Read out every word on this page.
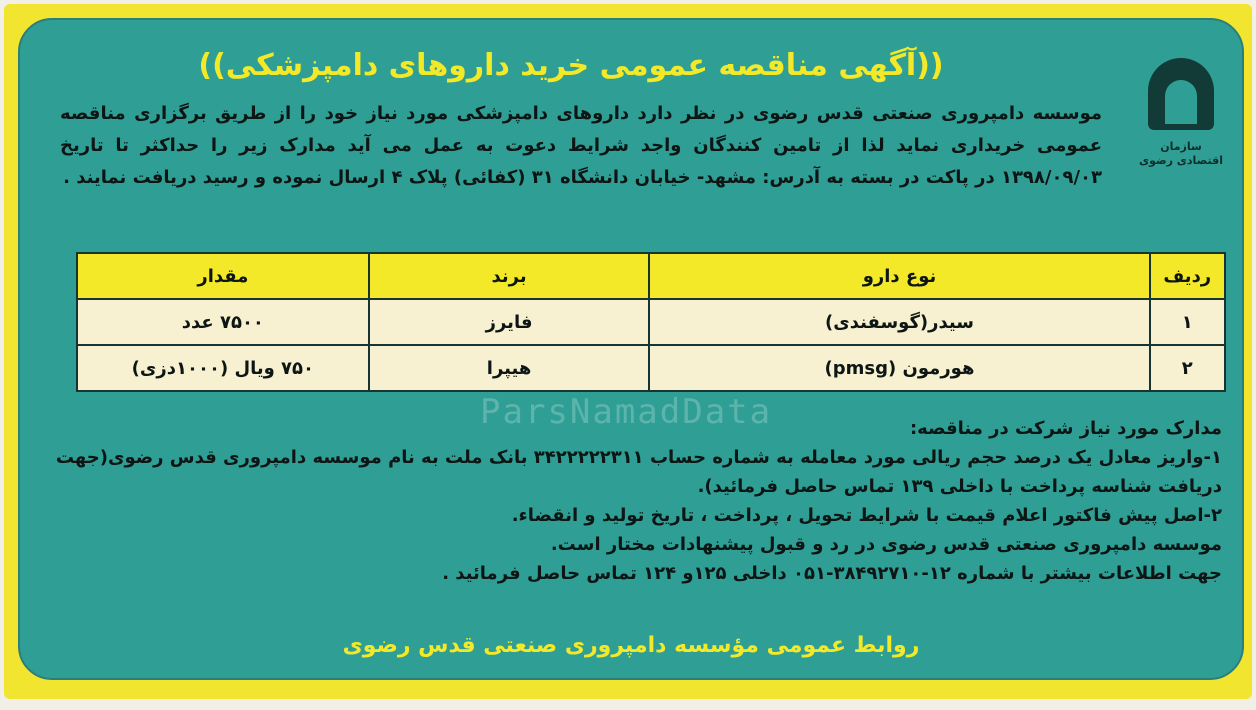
سازمان اقتصادی رضوی
((آگهی مناقصه عمومی خرید داروهای دامپزشکی))
موسسه دامپروری صنعتی قدس رضوی در نظر دارد داروهای دامپزشکی مورد نیاز خود را از طریق برگزاری مناقصه عمومی خریداری نماید لذا از تامین کنندگان واجد شرایط دعوت به عمل می آید مدارک زیر را حداکثر تا تاریخ ۱۳۹۸/۰۹/۰۳ در پاکت در بسته به آدرس: مشهد- خیابان دانشگاه ۳۱ (کفائی) پلاک ۴ ارسال نموده و رسید دریافت نمایند .
ردیف	نوع دارو	برند	مقدار
۱	سیدر(گوسفندی)	فایرز	۷۵۰۰ عدد
۲	هورمون (pmsg)	هیپرا	۷۵۰ ویال (۱۰۰۰دزی)
ParsNamadData	مدارک مورد نیاز شرکت در مناقصه:

۱-واریز معادل یک درصد حجم ریالی مورد معامله به شماره حساب ۳۴۲۲۲۲۲۳۱۱ بانک ملت به نام موسسه دامپروری قدس رضوی(جهت دریافت شناسه پرداخت با داخلی ۱۳۹ تماس حاصل فرمائید).

۲-اصل پیش فاکتور اعلام قیمت با شرایط تحویل ، پرداخت ، تاریخ تولید و انقضاء.

موسسه دامپروری صنعتی قدس رضوی در رد و قبول پیشنهادات مختار است.

جهت اطلاعات بیشتر با شماره ۱۲-۳۸۴۹۲۷۱۰-۰۵۱ داخلی ۱۲۵و ۱۲۴ تماس حاصل فرمائید .

روابط عمومی مؤسسه دامپروری صنعتی قدس رضوی
